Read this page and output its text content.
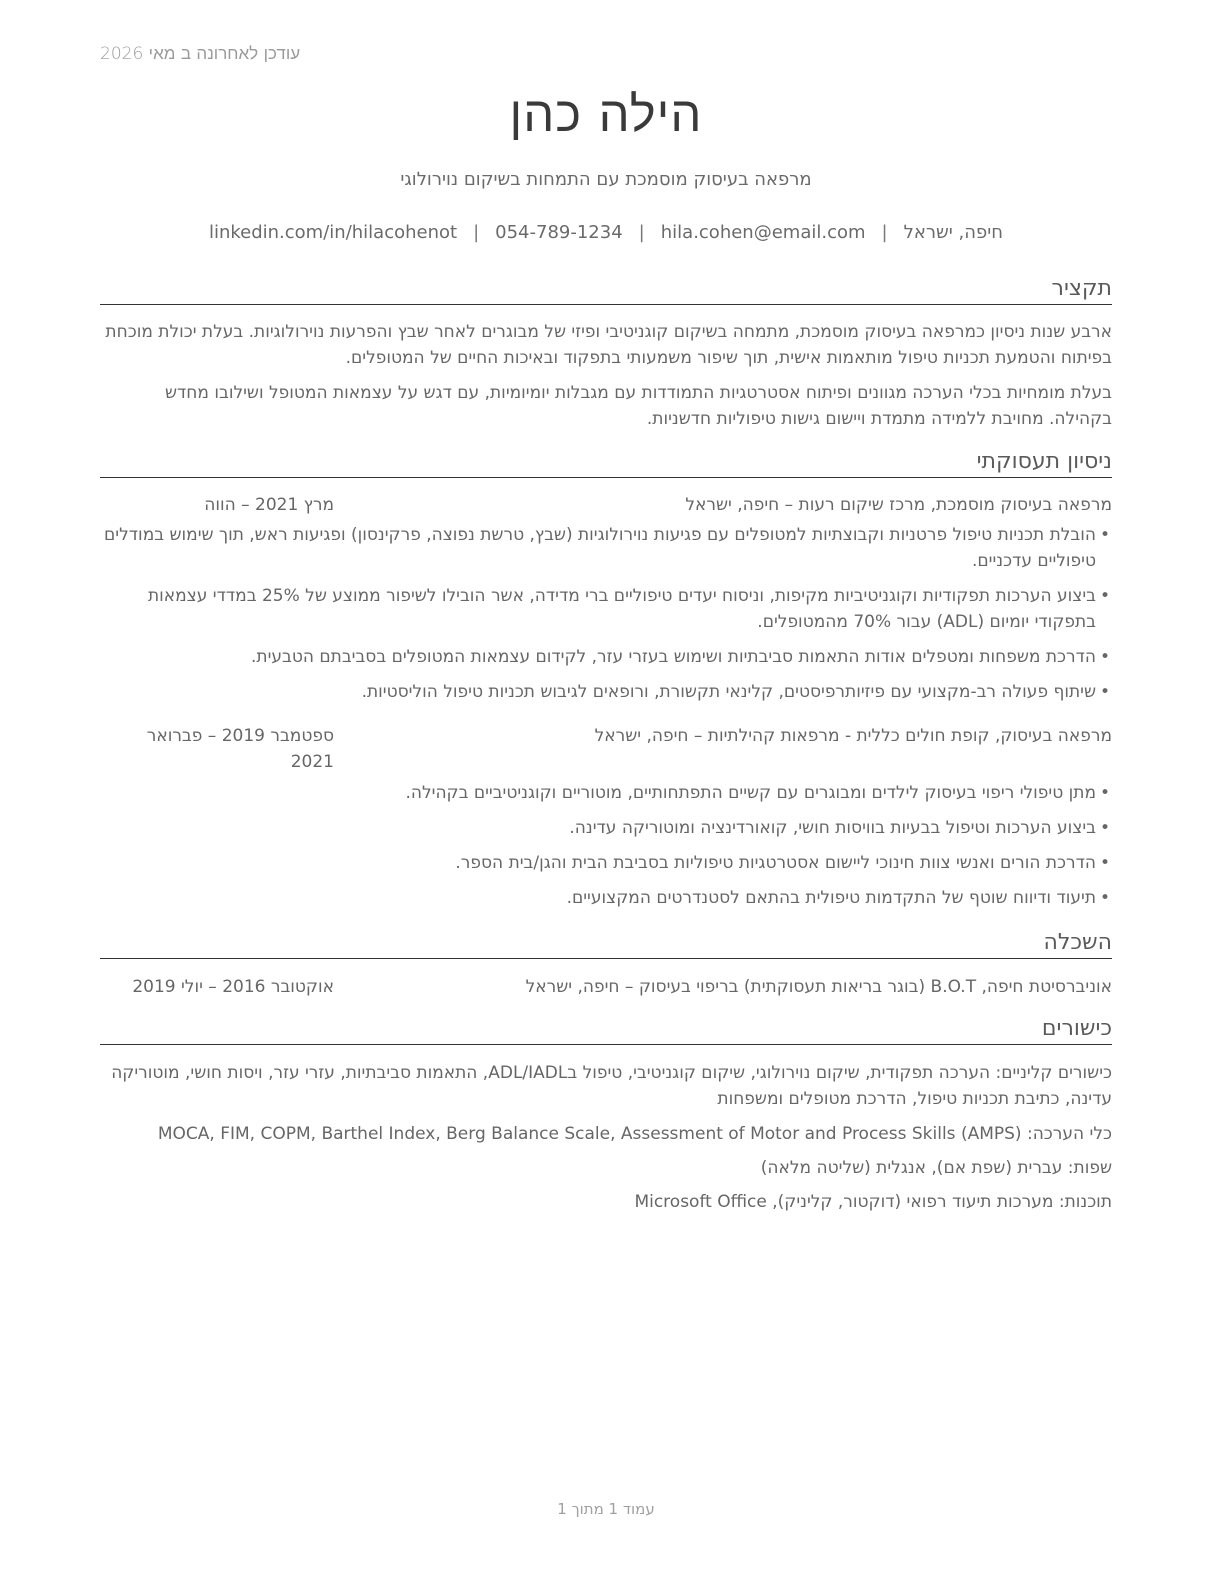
עודכן לאחרונה ב מאי 2026
הילה כהן
מרפאה בעיסוק מוסמכת עם התמחות בשיקום נוירולוגי
חיפה, ישראל|hila.cohen@email.com|054-789-1234|linkedin.com/in/hilacohenot
תקציר
ארבע שנות ניסיון כמרפאה בעיסוק מוסמכת, מתמחה בשיקום קוגניטיבי ופיזי של מבוגרים לאחר שבץ והפרעות נוירולוגיות. בעלת יכולת מוכחת בפיתוח והטמעת תכניות טיפול מותאמות אישית, תוך שיפור משמעותי בתפקוד ובאיכות החיים של המטופלים.
בעלת מומחיות בכלי הערכה מגוונים ופיתוח אסטרטגיות התמודדות עם מגבלות יומיומיות, עם דגש על עצמאות המטופל ושילובו מחדש בקהילה. מחויבת ללמידה מתמדת ויישום גישות טיפוליות חדשניות.
ניסיון תעסוקתי
מרפאה בעיסוק מוסמכת, מרכז שיקום רעות – חיפה, ישראל
מרץ 2021 – הווה
• הובלת תכניות טיפול פרטניות וקבוצתיות למטופלים עם פגיעות נוירולוגיות (שבץ, טרשת נפוצה, פרקינסון) ופגיעות ראש, תוך שימוש במודלים טיפוליים עדכניים.
• ביצוע הערכות תפקודיות וקוגניטיביות מקיפות, וניסוח יעדים טיפוליים ברי מדידה, אשר הובילו לשיפור ממוצע של 25% במדדי עצמאות בתפקודי יומיום (ADL) עבור 70% מהמטופלים.
• הדרכת משפחות ומטפלים אודות התאמות סביבתיות ושימוש בעזרי עזר, לקידום עצמאות המטופלים בסביבתם הטבעית.
• שיתוף פעולה רב-מקצועי עם פיזיותרפיסטים, קלינאי תקשורת, ורופאים לגיבוש תכניות טיפול הוליסטיות.
מרפאה בעיסוק, קופת חולים כללית - מרפאות קהילתיות – חיפה, ישראל
ספטמבר 2019 – פברואר 2021
• מתן טיפולי ריפוי בעיסוק לילדים ומבוגרים עם קשיים התפתחותיים, מוטוריים וקוגניטיביים בקהילה.
• ביצוע הערכות וטיפול בבעיות בוויסות חושי, קואורדינציה ומוטוריקה עדינה.
• הדרכת הורים ואנשי צוות חינוכי ליישום אסטרטגיות טיפוליות בסביבת הבית והגן/בית הספר.
• תיעוד ודיווח שוטף של התקדמות טיפולית בהתאם לסטנדרטים המקצועיים.
השכלה
אוניברסיטת חיפה, B.O.T (בוגר בריאות תעסוקתית) בריפוי בעיסוק – חיפה, ישראל
אוקטובר 2016 – יולי 2019
כישורים
כישורים קליניים: הערכה תפקודית, שיקום נוירולוגי, שיקום קוגניטיבי, טיפול בADL/IADL, התאמות סביבתיות, עזרי עזר, ויסות חושי, מוטוריקה עדינה, כתיבת תכניות טיפול, הדרכת מטופלים ומשפחות
כלי הערכה: MOCA, FIM, COPM, Barthel Index, Berg Balance Scale, Assessment of Motor and Process Skills (AMPS)
שפות: עברית (שפת אם), אנגלית (שליטה מלאה)
תוכנות: מערכות תיעוד רפואי (דוקטור, קליניק), Microsoft Office
עמוד 1 מתוך 1
